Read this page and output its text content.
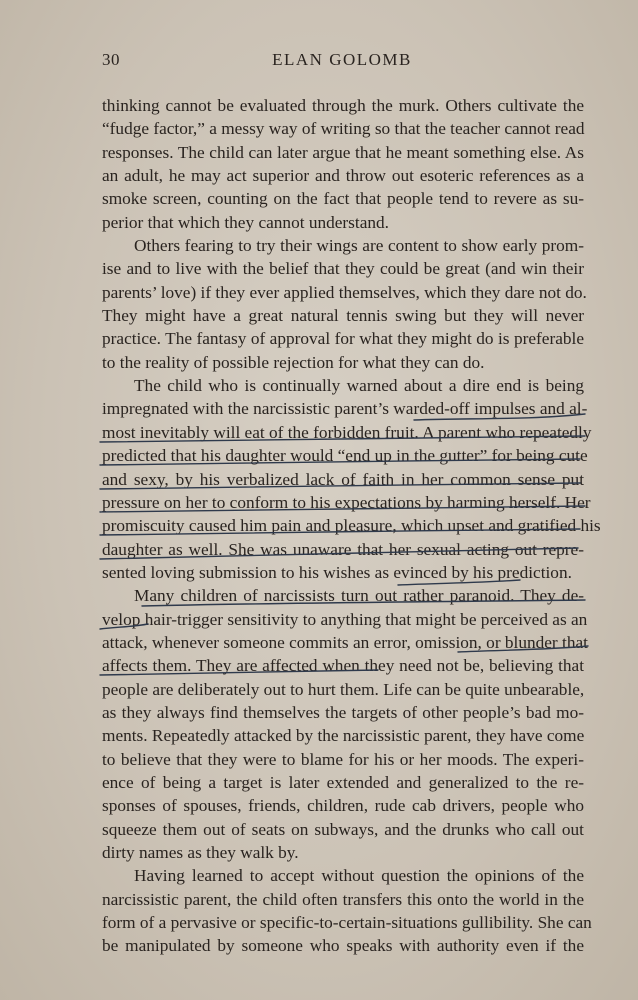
30	ELAN GOLOMB
thinking cannot be evaluated through the murk. Others cultivate the
“fudge factor,” a messy way of writing so that the teacher cannot read
responses. The child can later argue that he meant something else. As
an adult, he may act superior and throw out esoteric references as a
smoke screen, counting on the fact that people tend to revere as su-
perior that which they cannot understand.
Others fearing to try their wings are content to show early prom-
ise and to live with the belief that they could be great (and win their
parents’ love) if they ever applied themselves, which they dare not do.
They might have a great natural tennis swing but they will never
practice. The fantasy of approval for what they might do is preferable
to the reality of possible rejection for what they can do.
The child who is continually warned about a dire end is being
impregnated with the narcissistic parent’s warded-off impulses and al-
most inevitably will eat of the forbidden fruit. A parent who repeatedly
predicted that his daughter would “end up in the gutter” for being cute
and sexy, by his verbalized lack of faith in her common sense put
pressure on her to conform to his expectations by harming herself. Her
promiscuity caused him pain and pleasure, which upset and gratified his
daughter as well. She was unaware that her sexual acting out repre-
sented loving submission to his wishes as evinced by his prediction.
Many children of narcissists turn out rather paranoid. They de-
velop hair-trigger sensitivity to anything that might be perceived as an
attack, whenever someone commits an error, omission, or blunder that
affects them. They are affected when they need not be, believing that
people are deliberately out to hurt them. Life can be quite unbearable,
as they always find themselves the targets of other people’s bad mo-
ments. Repeatedly attacked by the narcissistic parent, they have come
to believe that they were to blame for his or her moods. The experi-
ence of being a target is later extended and generalized to the re-
sponses of spouses, friends, children, rude cab drivers, people who
squeeze them out of seats on subways, and the drunks who call out
dirty names as they walk by.
Having learned to accept without question the opinions of the
narcissistic parent, the child often transfers this onto the world in the
form of a pervasive or specific-to-certain-situations gullibility. She can
be manipulated by someone who speaks with authority even if the
